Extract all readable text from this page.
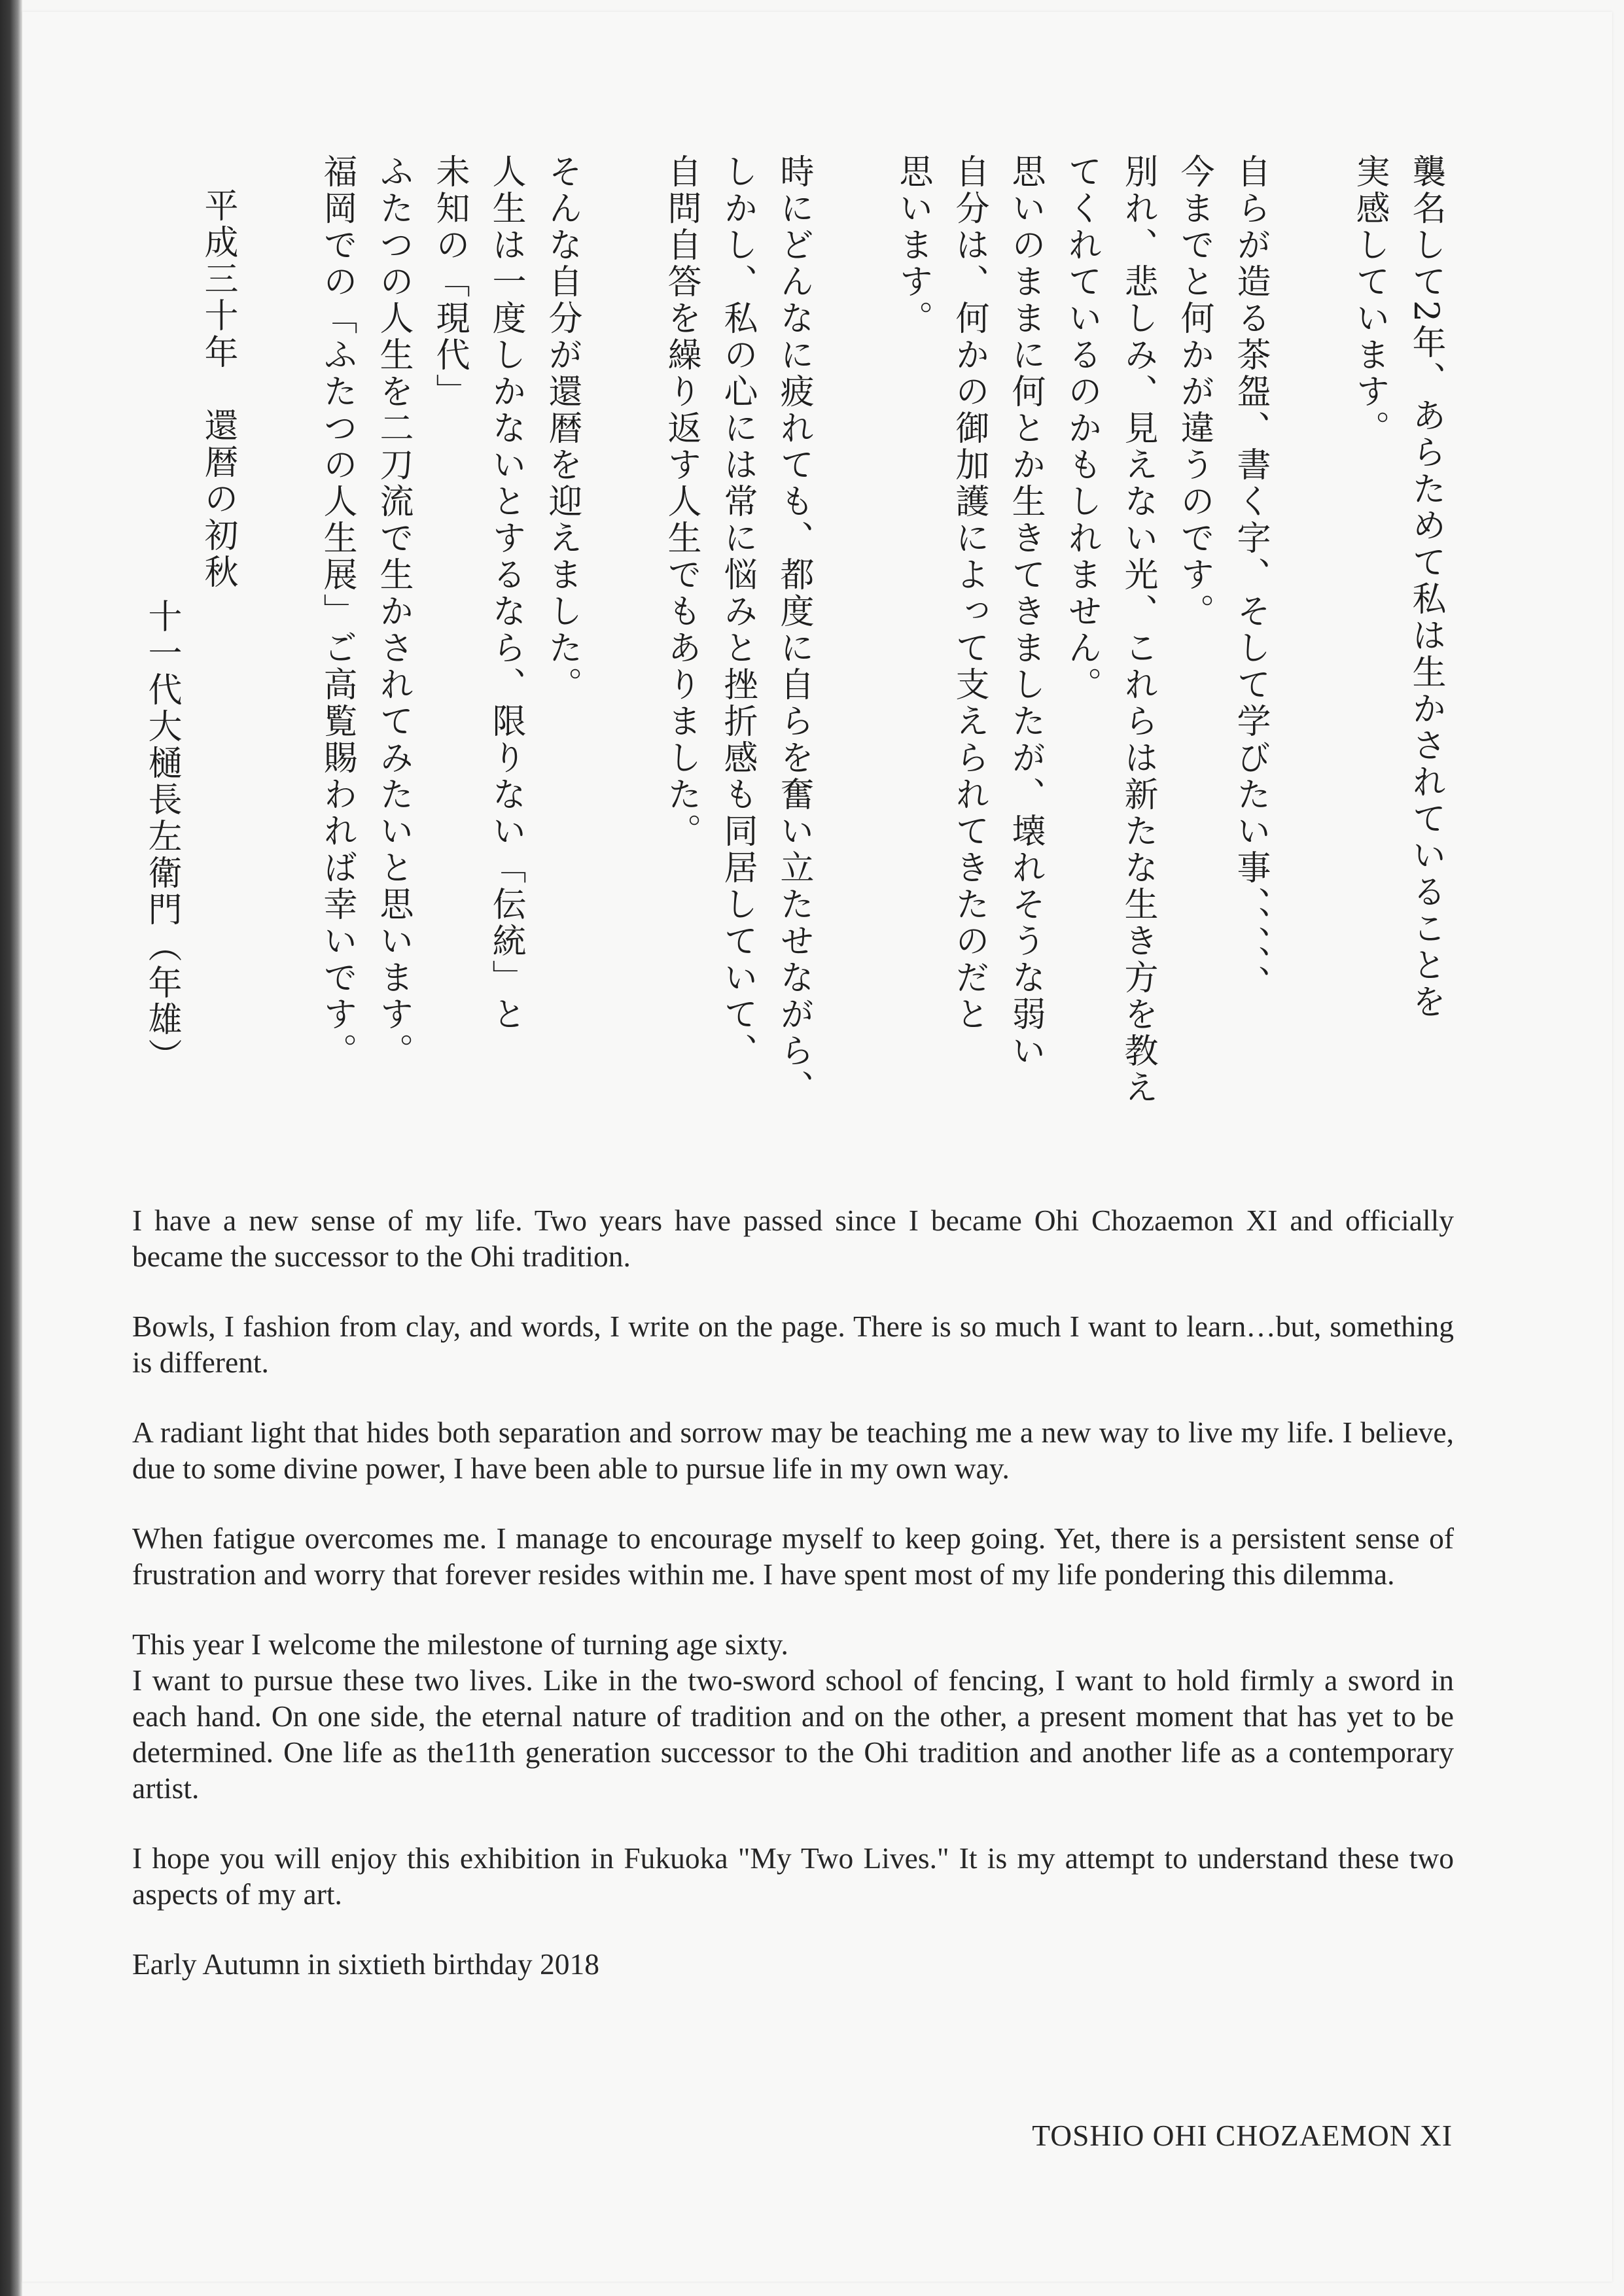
襲名して2年、あらためて私は生かされていることを
実感しています。
自らが造る茶盌、書く字、そして学びたい事、、、、、
今までと何かが違うのです。
別れ、悲しみ、見えない光、これらは新たな生き方を教え
てくれているのかもしれません。
思いのままに何とか生きてきましたが、壊れそうな弱い
自分は、何かの御加護によって支えられてきたのだと
思います。
時にどんなに疲れても、都度に自らを奮い立たせながら、
しかし、私の心には常に悩みと挫折感も同居していて、
自問自答を繰り返す人生でもありました。
そんな自分が還暦を迎えました。
人生は一度しかないとするなら、限りない「伝統」と
未知の「現代」
ふたつの人生を二刀流で生かされてみたいと思います。
福岡での「ふたつの人生展」ご高覧賜われば幸いです。
平成三十年　還暦の初秋
十一代大樋長左衛門（年雄）

I have a new sense of my life. Two years have passed since I became Ohi Chozaemon XI and officially became the successor to the Ohi tradition.

Bowls, I fashion from clay, and words, I write on the page. There is so much I want to learn…but, something is different.

A radiant light that hides both separation and sorrow may be teaching me a new way to live my life. I believe, due to some divine power, I have been able to pursue life in my own way.

When fatigue overcomes me. I manage to encourage myself to keep going. Yet, there is a persistent sense of frustration and worry that forever resides within me. I have spent most of my life pondering this dilemma.

This year I welcome the milestone of turning age sixty.

I want to pursue these two lives. Like in the two-sword school of fencing, I want to hold firmly a sword in each hand. On one side, the eternal nature of tradition and on the other, a present moment that has yet to be determined. One life as the11th generation successor to the Ohi tradition and another life as a contemporary artist.

I hope you will enjoy this exhibition in Fukuoka "My Two Lives." It is my attempt to understand these two aspects of my art.

Early Autumn in sixtieth birthday 2018

TOSHIO OHI CHOZAEMON XI
